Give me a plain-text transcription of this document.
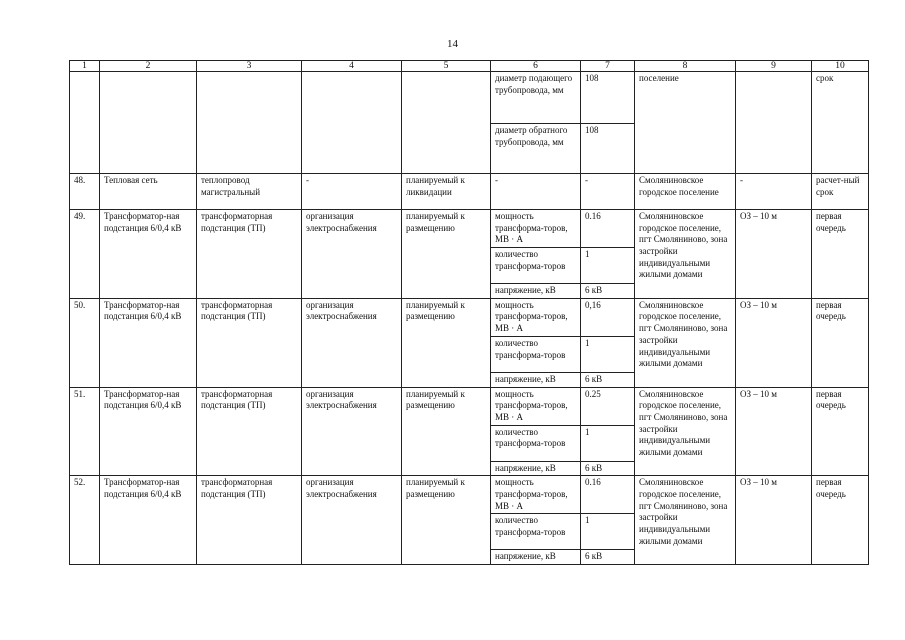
14
1	2	3	4	5	6	7	8	9	10
					диаметр подающего трубопровода, мм	108	поселение		срок
					диаметр обратного трубопровода, мм	108			
48.	Тепловая сеть	теплопровод магистральный	-	планируемый к ликвидации	-	-	Смоляниновское городское поселение	-	расчет-ный срок
49.	Трансформатор-ная подстанция 6/0,4 кВ	трансформаторная подстанция (ТП)	организация электроснабжения	планируемый к размещению	мощность трансформа-торов, МВ · А	0.16	Смоляниновское городское поселение, пгт Смоляниново, зона застройки индивидуальными жилыми домами	ОЗ – 10 м	первая очередь
					количество трансформа-торов	1			
					напряжение, кВ	6 кВ			
50.	Трансформатор-ная подстанция 6/0,4 кВ	трансформаторная подстанция (ТП)	организация электроснабжения	планируемый к размещению	мощность трансформа-торов, МВ · А	0,16	Смоляниновское городское поселение, пгт Смоляниново, зона застройки индивидуальными жилыми домами	ОЗ – 10 м	первая очередь
					количество трансформа-торов	1			
					напряжение, кВ	6 кВ			
51.	Трансформатор-ная подстанция 6/0,4 кВ	трансформаторная подстанция (ТП)	организация электроснабжения	планируемый к размещению	мощность трансформа-торов, МВ · А	0.25	Смоляниновское городское поселение, пгт Смоляниново, зона застройки индивидуальными жилыми домами	ОЗ – 10 м	первая очередь
					количество трансформа-торов	1			
					напряжение, кВ	6 кВ			
52.	Трансформатор-ная подстанция 6/0,4 кВ	трансформаторная подстанция (ТП)	организация электроснабжения	планируемый к размещению	мощность трансформа-торов, МВ · А	0.16	Смоляниновское городское поселение, пгт Смоляниново, зона застройки индивидуальными жилыми домами	ОЗ – 10 м	первая очередь
					количество трансформа-торов	1			
					напряжение, кВ	6 кВ			
